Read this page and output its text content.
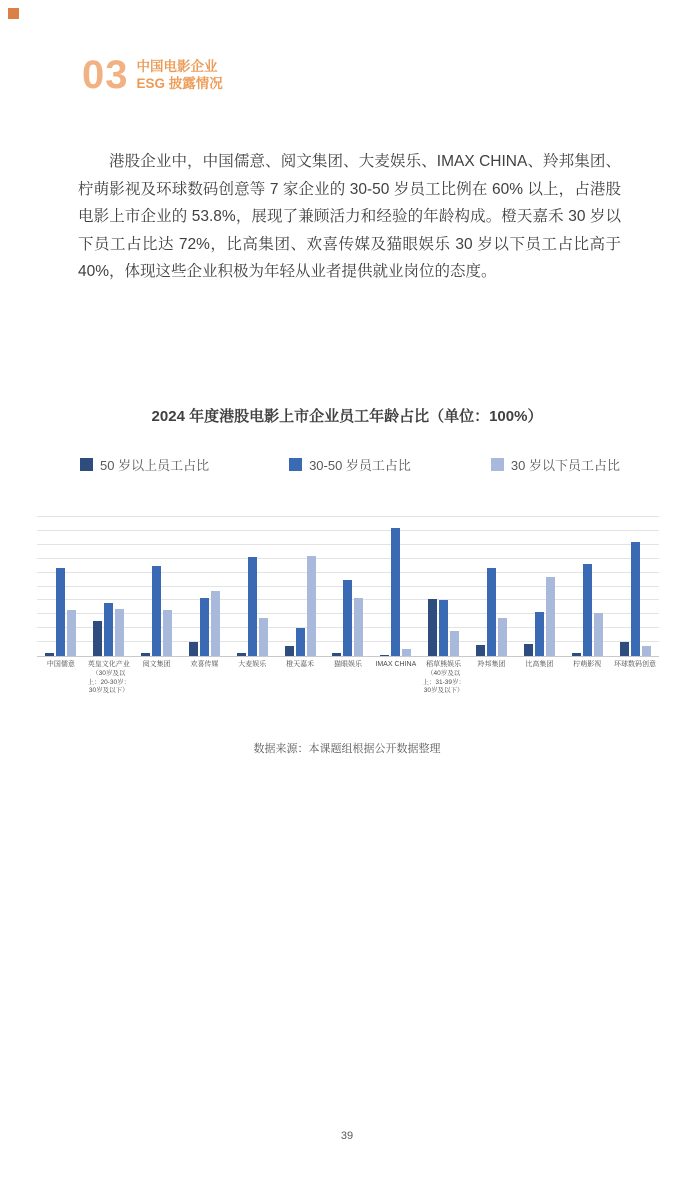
03 中国电影企业
ESG 披露情况
港股企业中，中国儒意、阅文集团、大麦娱乐、IMAX CHINA、羚邦集团、柠萌影视及环球数码创意等 7 家企业的 30-50 岁员工比例在 60% 以上，占港股电影上市企业的 53.8%，展现了兼顾活力和经验的年龄构成。橙天嘉禾 30 岁以下员工占比达 72%，比高集团、欢喜传媒及猫眼娱乐 30 岁以下员工占比高于 40%，体现这些企业积极为年轻从业者提供就业岗位的态度。
2024 年度港股电影上市企业员工年龄占比（单位：100%）
50 岁以上员工占比	30-50 岁员工占比	30 岁以下员工占比
中国儒意	英皇文化产业
（30岁及以上：20-30岁：30岁及以下）
阅文集团	欢喜传媒	大麦娱乐	橙天嘉禾	猫眼娱乐	IMAX CHINA	稻草熊娱乐
（40岁及以上：31-39岁：30岁及以下）
羚邦集团	比高集团	柠萌影视	环球数码创意
数据来源：本课题组根据公开数据整理
39
